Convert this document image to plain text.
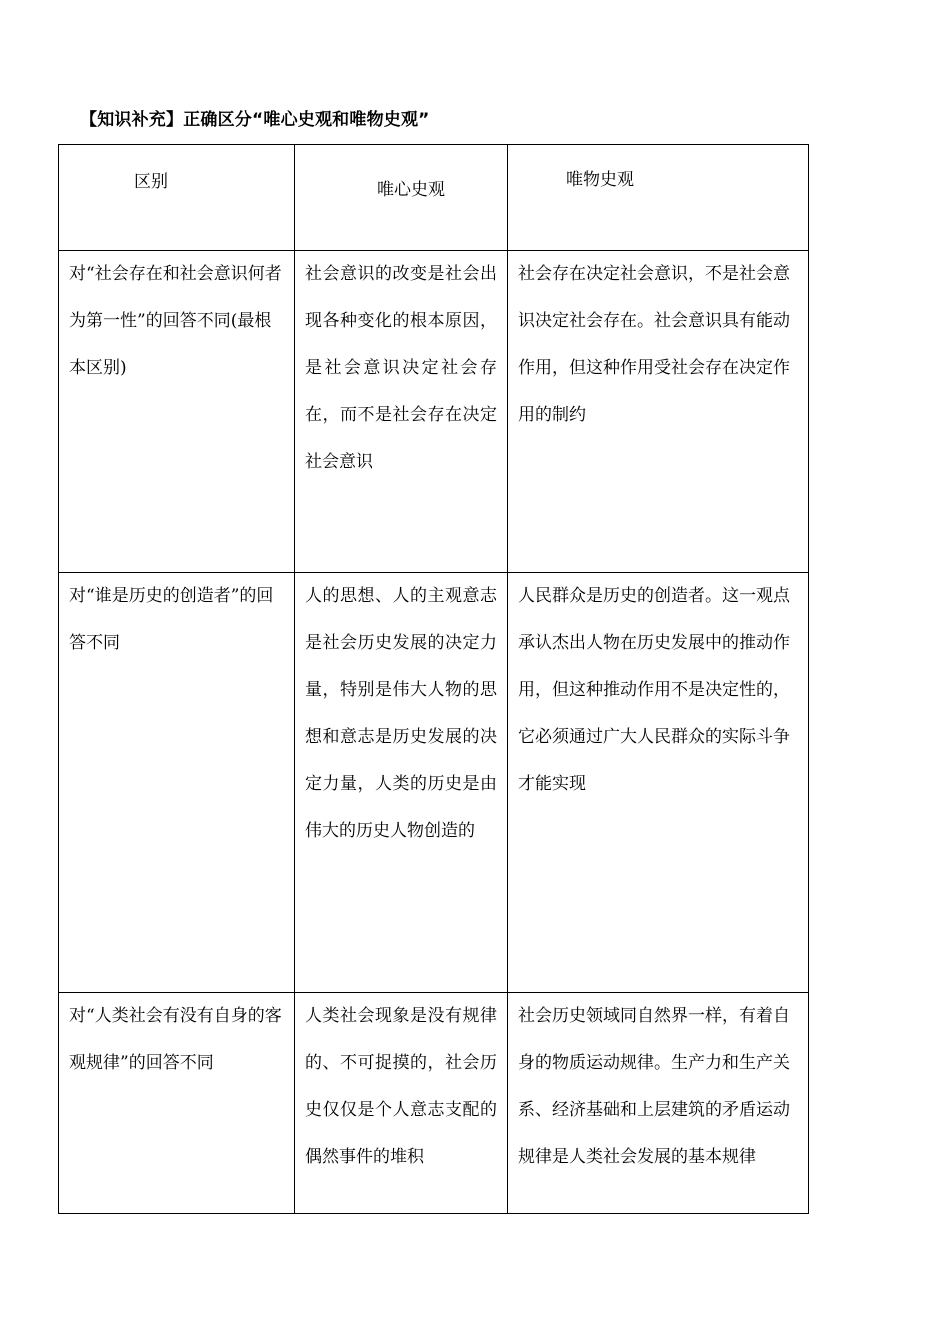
【知识补充】正确区分“唯心史观和唯物史观”
区别	唯心史观	唯物史观
对“社会存在和社会意识何者为第一性”的回答不同(最根本区别)	社会意识的改变是社会出现各种变化的根本原因，是社会意识决定社会存在，而不是社会存在决定社会意识	社会存在决定社会意识，不是社会意识决定社会存在。社会意识具有能动作用，但这种作用受社会存在决定作用的制约
对“谁是历史的创造者”的回答不同	人的思想、人的主观意志是社会历史发展的决定力量，特别是伟大人物的思想和意志是历史发展的决定力量，人类的历史是由伟大的历史人物创造的	人民群众是历史的创造者。这一观点承认杰出人物在历史发展中的推动作用，但这种推动作用不是决定性的，它必须通过广大人民群众的实际斗争才能实现
对“人类社会有没有自身的客观规律”的回答不同	人类社会现象是没有规律的、不可捉摸的，社会历史仅仅是个人意志支配的偶然事件的堆积	社会历史领域同自然界一样，有着自身的物质运动规律。生产力和生产关系、经济基础和上层建筑的矛盾运动规律是人类社会发展的基本规律
